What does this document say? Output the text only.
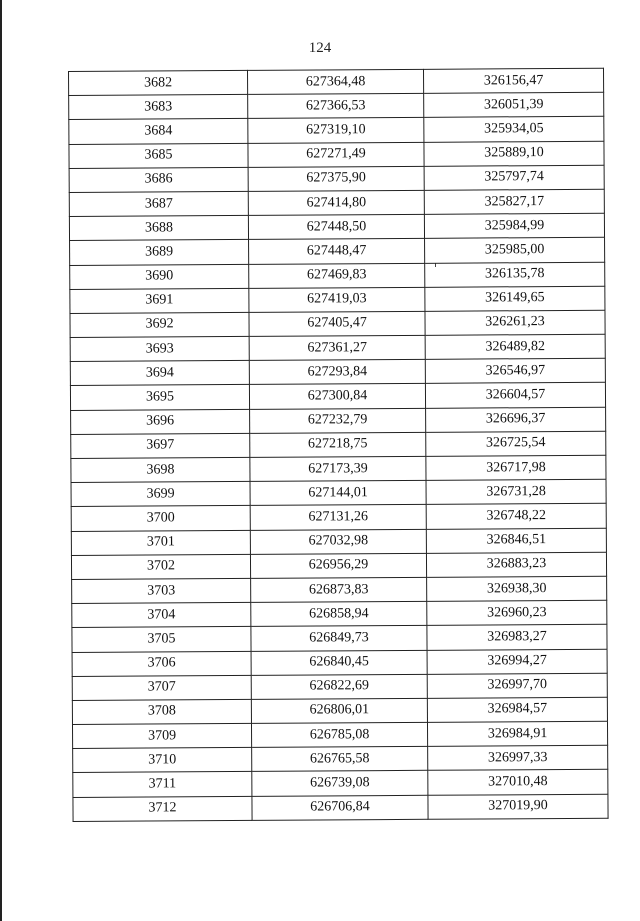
124
3682	627364,48	326156,47
3683	627366,53	326051,39
3684	627319,10	325934,05
3685	627271,49	325889,10
3686	627375,90	325797,74
3687	627414,80	325827,17
3688	627448,50	325984,99
3689	627448,47	325985,00
3690	627469,83	326135,78
3691	627419,03	326149,65
3692	627405,47	326261,23
3693	627361,27	326489,82
3694	627293,84	326546,97
3695	627300,84	326604,57
3696	627232,79	326696,37
3697	627218,75	326725,54
3698	627173,39	326717,98
3699	627144,01	326731,28
3700	627131,26	326748,22
3701	627032,98	326846,51
3702	626956,29	326883,23
3703	626873,83	326938,30
3704	626858,94	326960,23
3705	626849,73	326983,27
3706	626840,45	326994,27
3707	626822,69	326997,70
3708	626806,01	326984,57
3709	626785,08	326984,91
3710	626765,58	326997,33
3711	626739,08	327010,48
3712	626706,84	327019,90
